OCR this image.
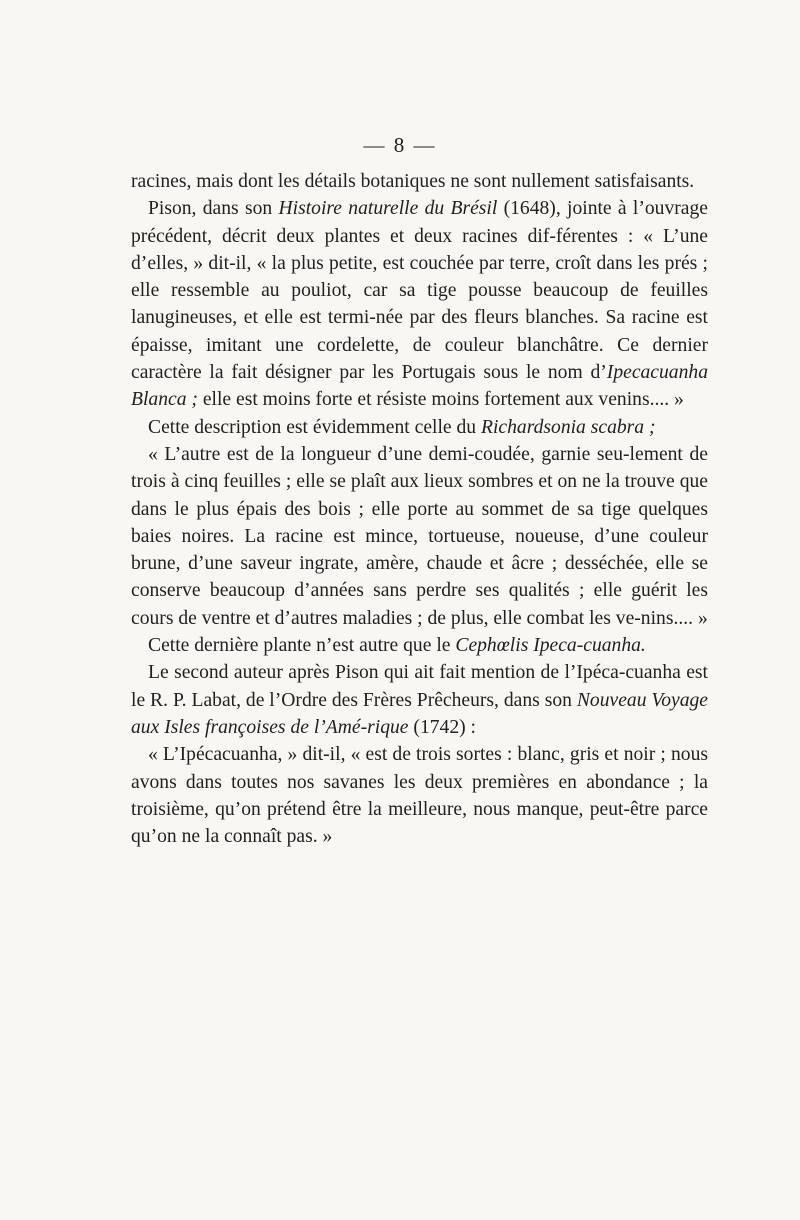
— 8 —

racines, mais dont les détails botaniques ne sont nullement satisfaisants.

Pison, dans son Histoire naturelle du Brésil (1648), jointe à l’ouvrage précédent, décrit deux plantes et deux racines dif-férentes : « L’une d’elles, » dit-il, « la plus petite, est couchée par terre, croît dans les prés ; elle ressemble au pouliot, car sa tige pousse beaucoup de feuilles lanugineuses, et elle est termi-née par des fleurs blanches. Sa racine est épaisse, imitant une cordelette, de couleur blanchâtre. Ce dernier caractère la fait désigner par les Portugais sous le nom d’Ipecacuanha Blanca ; elle est moins forte et résiste moins fortement aux venins.... »

Cette description est évidemment celle du Richardsonia scabra ;

« L’autre est de la longueur d’une demi-coudée, garnie seu-lement de trois à cinq feuilles ; elle se plaît aux lieux sombres et on ne la trouve que dans le plus épais des bois ; elle porte au sommet de sa tige quelques baies noires. La racine est mince, tortueuse, noueuse, d’une couleur brune, d’une saveur ingrate, amère, chaude et âcre ; desséchée, elle se conserve beaucoup d’années sans perdre ses qualités ; elle guérit les cours de ventre et d’autres maladies ; de plus, elle combat les ve-nins.... »

Cette dernière plante n’est autre que le Cephœlis Ipeca-cuanha.

Le second auteur après Pison qui ait fait mention de l’Ipéca-cuanha est le R. P. Labat, de l’Ordre des Frères Prêcheurs, dans son Nouveau Voyage aux Isles françoises de l’Amé-rique (1742) :

« L’Ipécacuanha, » dit-il, « est de trois sortes : blanc, gris et noir ; nous avons dans toutes nos savanes les deux premières en abondance ; la troisième, qu’on prétend être la meilleure, nous manque, peut-être parce qu’on ne la connaît pas. »
